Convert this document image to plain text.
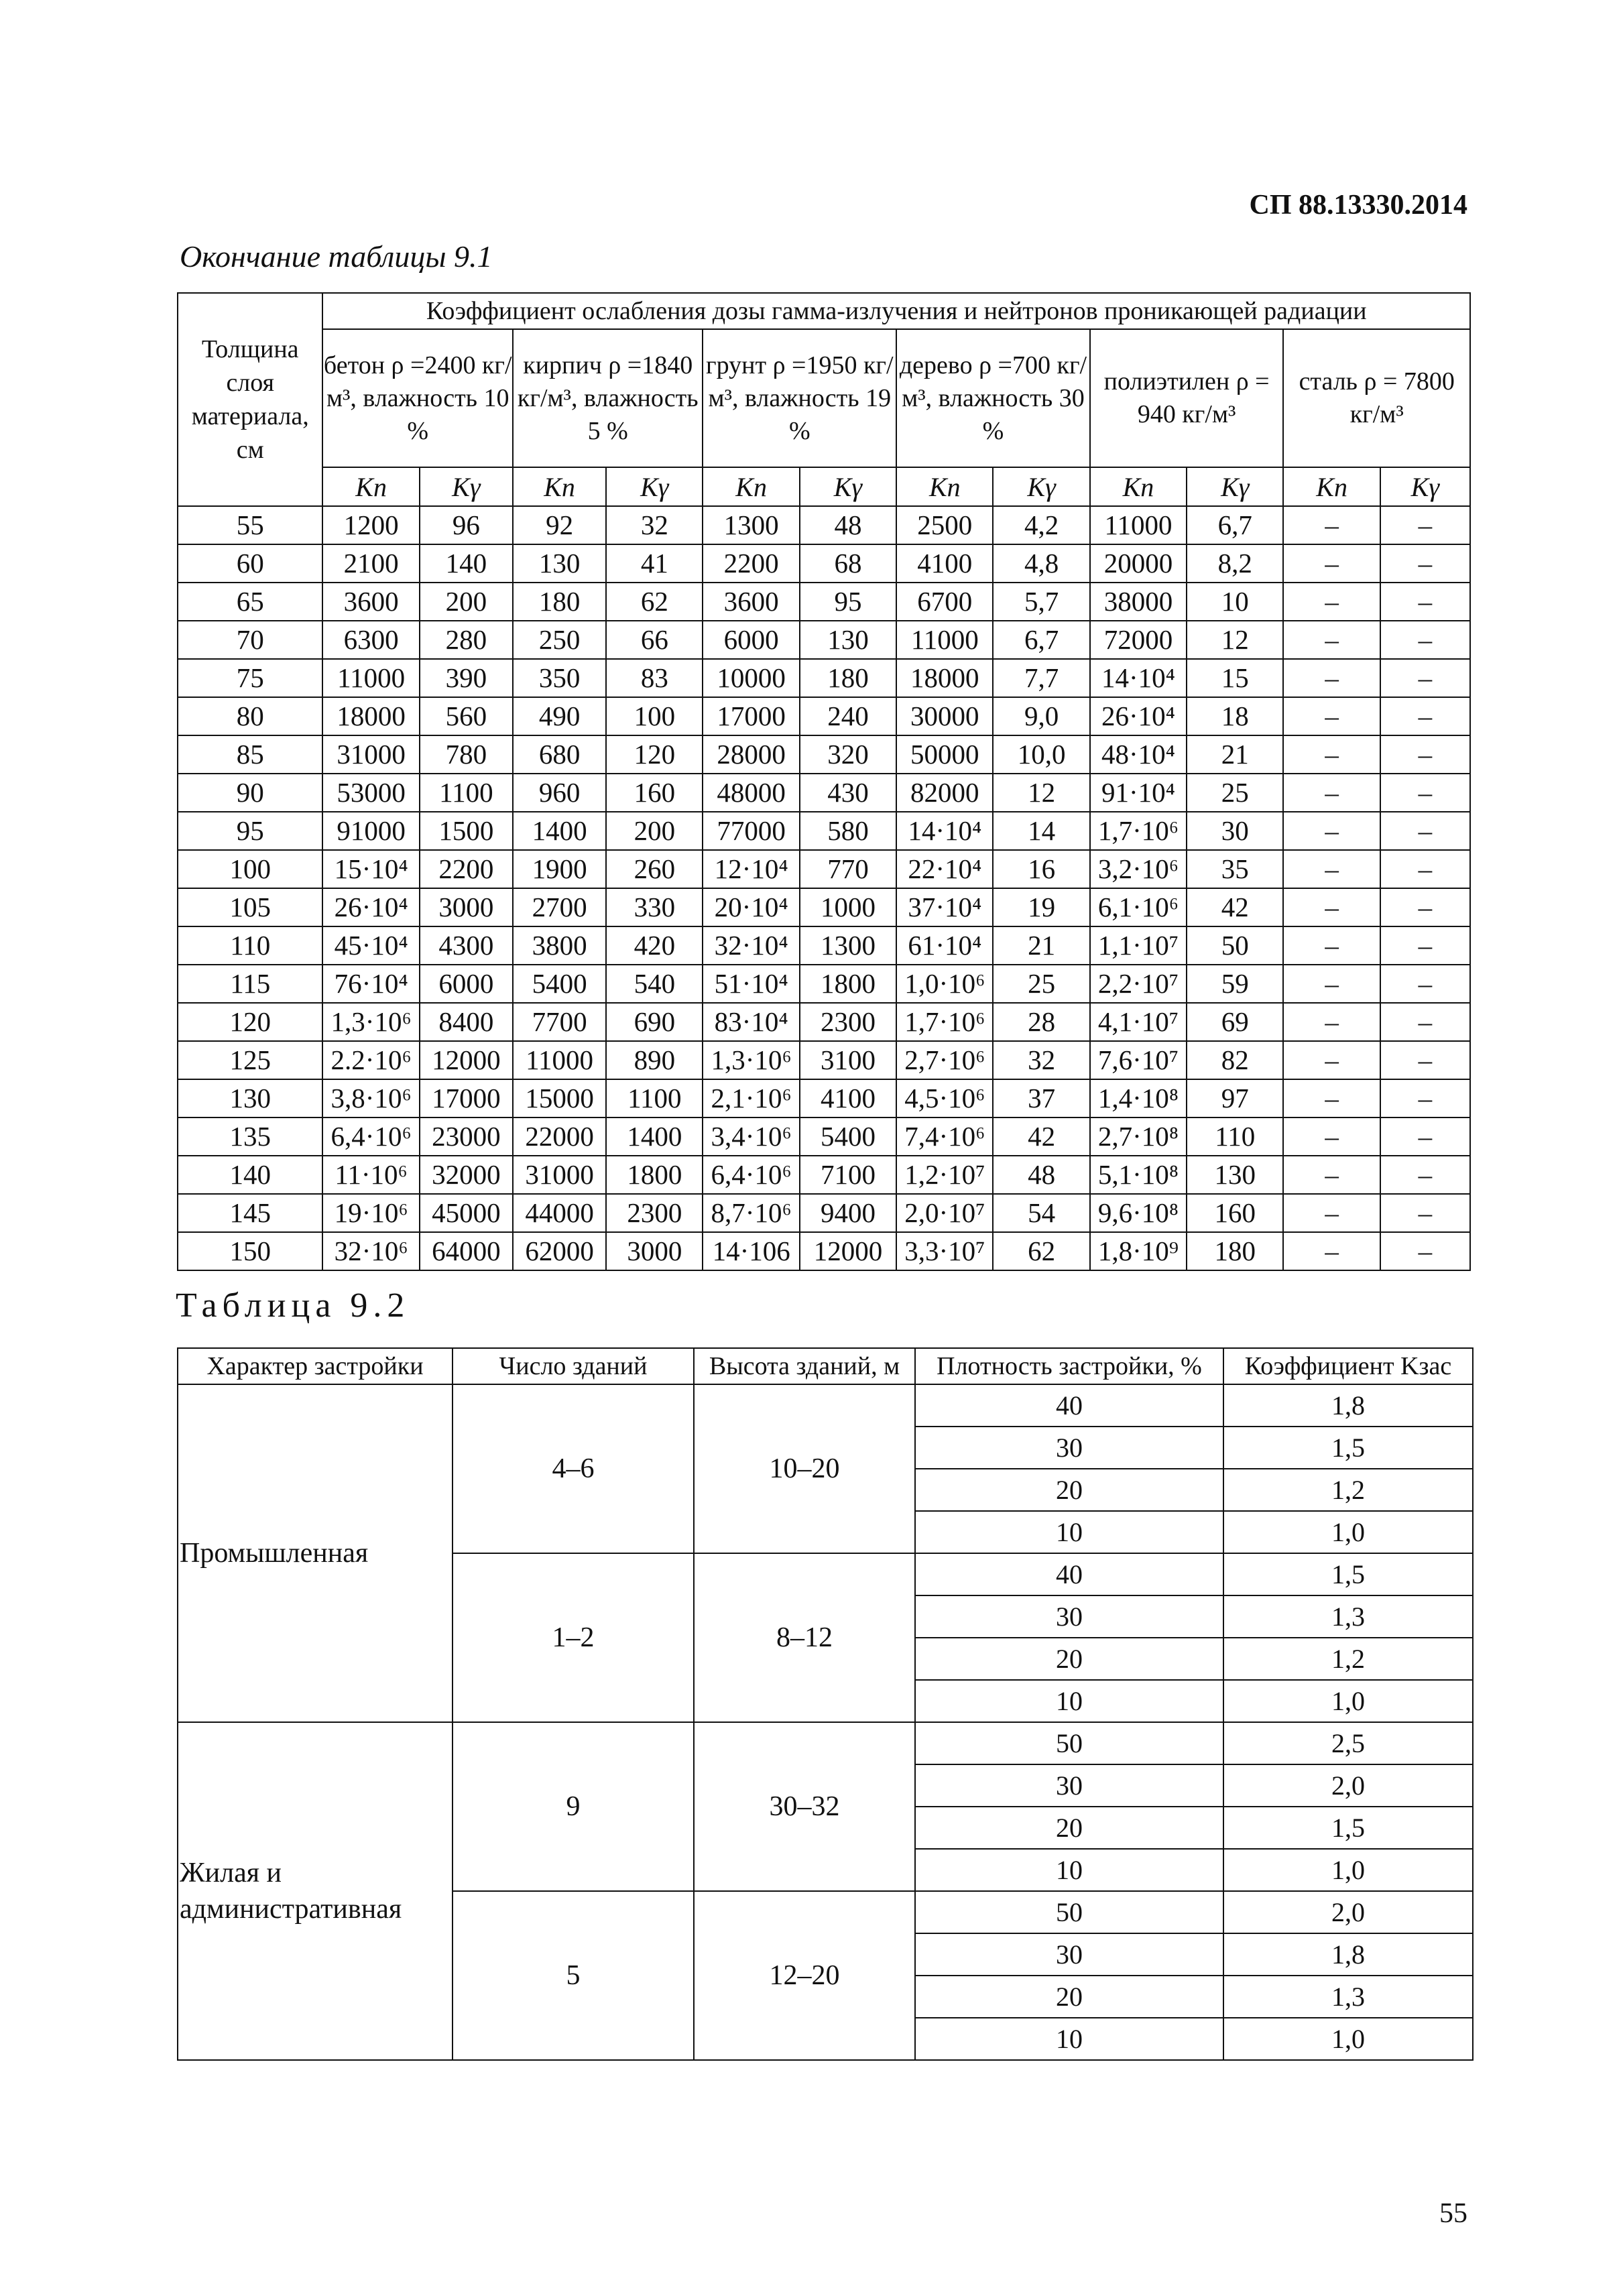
СП 88.13330.2014
Окончание таблицы 9.1
Толщина слоя материала, см	Коэффициент ослабления дозы гамма-излучения и нейтронов проникающей радиации											
	бетон ρ =2400 кг/м³, влажность 10 %		кирпич ρ =1840 кг/м³, влажность 5 %		грунт ρ =1950 кг/м³, влажность 19 %		дерево ρ =700 кг/м³, влажность 30 %		полиэтилен ρ = 940 кг/м³		сталь ρ = 7800 кг/м³	
	Kn	Kγ	Kn	Kγ	Kn	Kγ	Kn	Kγ	Kn	Kγ	Kn	Kγ
55	1200	96	92	32	1300	48	2500	4,2	11000	6,7	–	–
60	2100	140	130	41	2200	68	4100	4,8	20000	8,2	–	–
65	3600	200	180	62	3600	95	6700	5,7	38000	10	–	–
70	6300	280	250	66	6000	130	11000	6,7	72000	12	–	–
75	11000	390	350	83	10000	180	18000	7,7	14·10⁴	15	–	–
80	18000	560	490	100	17000	240	30000	9,0	26·10⁴	18	–	–
85	31000	780	680	120	28000	320	50000	10,0	48·10⁴	21	–	–
90	53000	1100	960	160	48000	430	82000	12	91·10⁴	25	–	–
95	91000	1500	1400	200	77000	580	14·10⁴	14	1,7·10⁶	30	–	–
100	15·10⁴	2200	1900	260	12·10⁴	770	22·10⁴	16	3,2·10⁶	35	–	–
105	26·10⁴	3000	2700	330	20·10⁴	1000	37·10⁴	19	6,1·10⁶	42	–	–
110	45·10⁴	4300	3800	420	32·10⁴	1300	61·10⁴	21	1,1·10⁷	50	–	–
115	76·10⁴	6000	5400	540	51·10⁴	1800	1,0·10⁶	25	2,2·10⁷	59	–	–
120	1,3·10⁶	8400	7700	690	83·10⁴	2300	1,7·10⁶	28	4,1·10⁷	69	–	–
125	2.2·10⁶	12000	11000	890	1,3·10⁶	3100	2,7·10⁶	32	7,6·10⁷	82	–	–
130	3,8·10⁶	17000	15000	1100	2,1·10⁶	4100	4,5·10⁶	37	1,4·10⁸	97	–	–
135	6,4·10⁶	23000	22000	1400	3,4·10⁶	5400	7,4·10⁶	42	2,7·10⁸	110	–	–
140	11·10⁶	32000	31000	1800	6,4·10⁶	7100	1,2·10⁷	48	5,1·10⁸	130	–	–
145	19·10⁶	45000	44000	2300	8,7·10⁶	9400	2,0·10⁷	54	9,6·10⁸	160	–	–
150	32·10⁶	64000	62000	3000	14·106	12000	3,3·10⁷	62	1,8·10⁹	180	–	–
Таблица 9.2
Характер застройки	Число зданий	Высота зданий, м	Плотность застройки, %	Коэффициент Kзас
Промышленная	4–6	10–20	40	1,8
			30	1,5
			20	1,2
			10	1,0
	1–2	8–12	40	1,5
			30	1,3
			20	1,2
			10	1,0
Жилая и административная	9	30–32	50	2,5
			30	2,0
			20	1,5
			10	1,0
	5	12–20	50	2,0
			30	1,8
			20	1,3
			10	1,0
55
